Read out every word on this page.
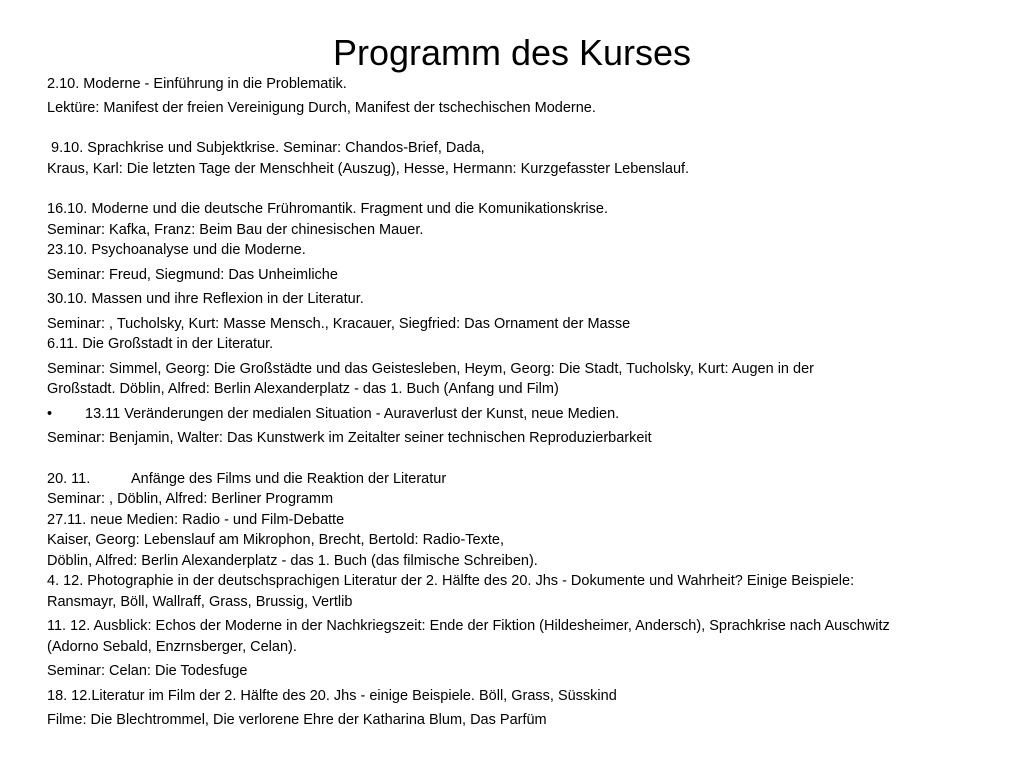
Programm des Kurses
2.10. Moderne - Einführung in die Problematik.
Lektüre: Manifest der freien Vereinigung Durch, Manifest der tschechischen Moderne.
9.10. Sprachkrise und Subjektkrise. Seminar: Chandos-Brief, Dada,
Kraus, Karl: Die letzten Tage der Menschheit (Auszug), Hesse, Hermann: Kurzgefasster Lebenslauf.
16.10. Moderne und die deutsche Frühromantik. Fragment und die Komunikationskrise.
Seminar: Kafka, Franz: Beim Bau der chinesischen Mauer.
23.10. Psychoanalyse und die Moderne.
Seminar: Freud, Siegmund: Das Unheimliche
30.10. Massen und ihre Reflexion in der Literatur.
Seminar: , Tucholsky, Kurt: Masse Mensch., Kracauer, Siegfried: Das Ornament der Masse
6.11. Die Großstadt in der Literatur.
Seminar: Simmel, Georg: Die Großstädte und das Geistesleben, Heym, Georg: Die Stadt, Tucholsky, Kurt: Augen in der
Großstadt. Döblin, Alfred: Berlin Alexanderplatz - das 1. Buch (Anfang und Film)
• 13.11 Veränderungen der medialen Situation - Auraverlust der Kunst, neue Medien.
Seminar: Benjamin, Walter: Das Kunstwerk im Zeitalter seiner technischen Reproduzierbarkeit
20. 11.	Anfänge des Films und die Reaktion der Literatur
Seminar: , Döblin, Alfred: Berliner Programm
27.11. neue Medien: Radio - und Film-Debatte
Kaiser, Georg: Lebenslauf am Mikrophon, Brecht, Bertold: Radio-Texte,
Döblin, Alfred: Berlin Alexanderplatz - das 1. Buch (das filmische Schreiben).
4. 12. Photographie in der deutschsprachigen Literatur der 2. Hälfte des 20. Jhs - Dokumente und Wahrheit? Einige Beispiele:
Ransmayr, Böll, Wallraff, Grass, Brussig, Vertlib
11. 12. Ausblick: Echos der Moderne in der Nachkriegszeit: Ende der Fiktion (Hildesheimer, Andersch), Sprachkrise nach Auschwitz
(Adorno Sebald, Enzrnsberger, Celan).
Seminar: Celan: Die Todesfuge
18. 12.Literatur im Film der 2. Hälfte des 20. Jhs - einige Beispiele. Böll, Grass, Süsskind
Filme: Die Blechtrommel, Die verlorene Ehre der Katharina Blum, Das Parfüm
